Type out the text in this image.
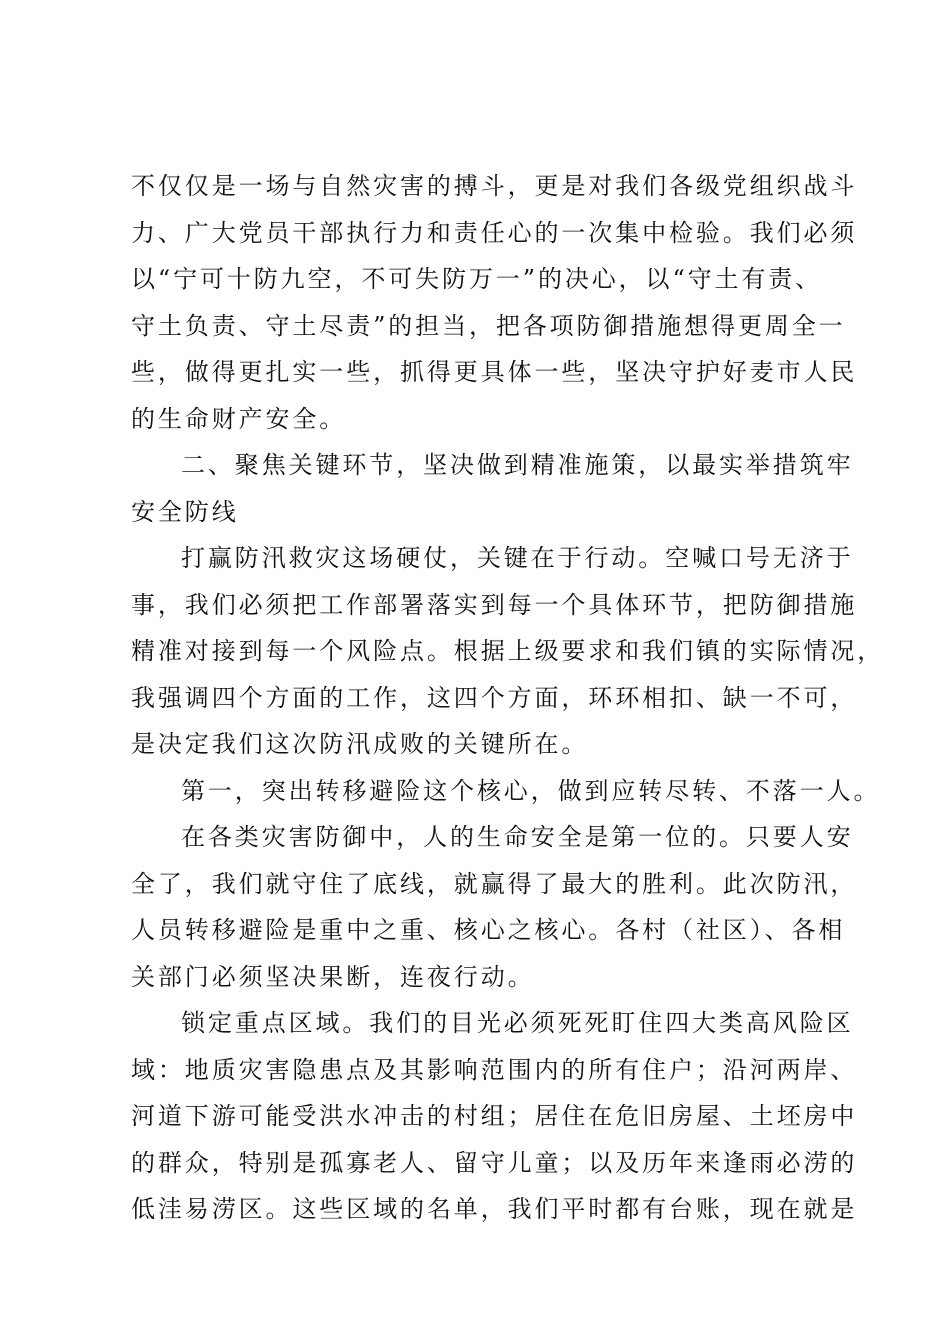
不仅仅是一场与自然灾害的搏斗，更是对我们各级党组织战斗
力、广大党员干部执行力和责任心的一次集中检验。我们必须
以“宁可十防九空，不可失防万一”的决心，以“守土有责、
守土负责、守土尽责”的担当，把各项防御措施想得更周全一
些，做得更扎实一些，抓得更具体一些，坚决守护好麦市人民
的生命财产安全。

二、聚焦关键环节，坚决做到精准施策，以最实举措筑牢
安全防线

打赢防汛救灾这场硬仗，关键在于行动。空喊口号无济于
事，我们必须把工作部署落实到每一个具体环节，把防御措施
精准对接到每一个风险点。根据上级要求和我们镇的实际情况，
我强调四个方面的工作，这四个方面，环环相扣、缺一不可，
是决定我们这次防汛成败的关键所在。

第一，突出转移避险这个核心，做到应转尽转、不落一人。

在各类灾害防御中，人的生命安全是第一位的。只要人安
全了，我们就守住了底线，就赢得了最大的胜利。此次防汛，
人员转移避险是重中之重、核心之核心。各村（社区）、各相
关部门必须坚决果断，连夜行动。

锁定重点区域。我们的目光必须死死盯住四大类高风险区
域：地质灾害隐患点及其影响范围内的所有住户；沿河两岸、
河道下游可能受洪水冲击的村组；居住在危旧房屋、土坯房中
的群众，特别是孤寡老人、留守儿童；以及历年来逢雨必涝的
低洼易涝区。这些区域的名单，我们平时都有台账，现在就是
